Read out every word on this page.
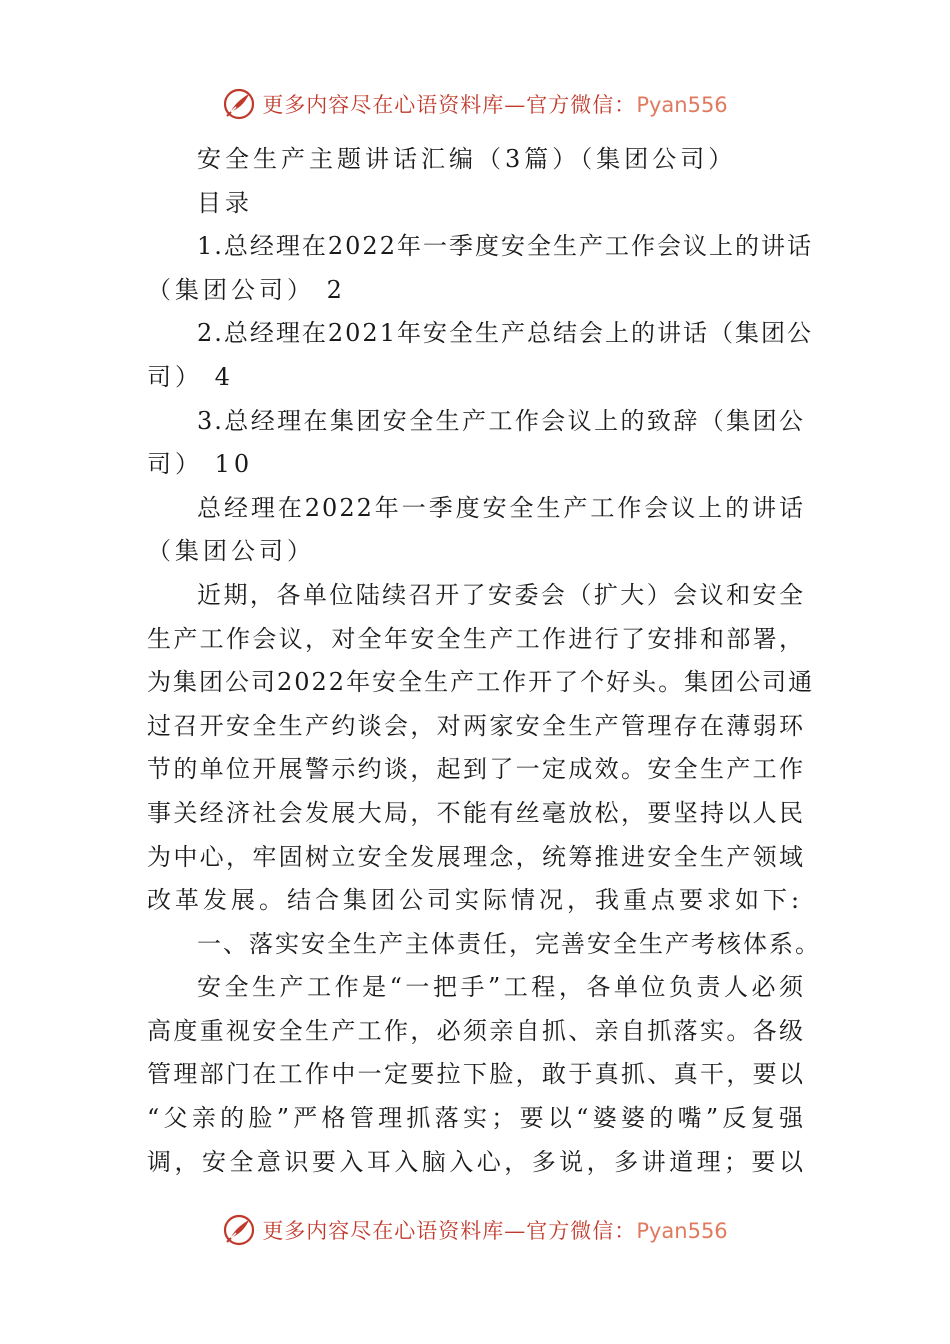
更多内容尽在心语资料库—官方微信：Pyan556
安全生产主题讲话汇编（3篇）（集团公司）
目录
1.总经理在2022年一季度安全生产工作会议上的讲话
（集团公司） 2
2.总经理在2021年安全生产总结会上的讲话（集团公
司） 4
3.总经理在集团安全生产工作会议上的致辞（集团公
司） 10
总经理在2022年一季度安全生产工作会议上的讲话
（集团公司）
近期，各单位陆续召开了安委会（扩大）会议和安全
生产工作会议，对全年安全生产工作进行了安排和部署，
为集团公司2022年安全生产工作开了个好头。集团公司通
过召开安全生产约谈会，对两家安全生产管理存在薄弱环
节的单位开展警示约谈，起到了一定成效。安全生产工作
事关经济社会发展大局，不能有丝毫放松，要坚持以人民
为中心，牢固树立安全发展理念，统筹推进安全生产领域
改革发展。结合集团公司实际情况，我重点要求如下:
一、落实安全生产主体责任，完善安全生产考核体系。
安全生产工作是“一把手”工程，各单位负责人必须
高度重视安全生产工作，必须亲自抓、亲自抓落实。各级
管理部门在工作中一定要拉下脸，敢于真抓、真干，要以
“父亲的脸”严格管理抓落实；要以“婆婆的嘴”反复强
调，安全意识要入耳入脑入心，多说，多讲道理；要以
更多内容尽在心语资料库—官方微信：Pyan556
